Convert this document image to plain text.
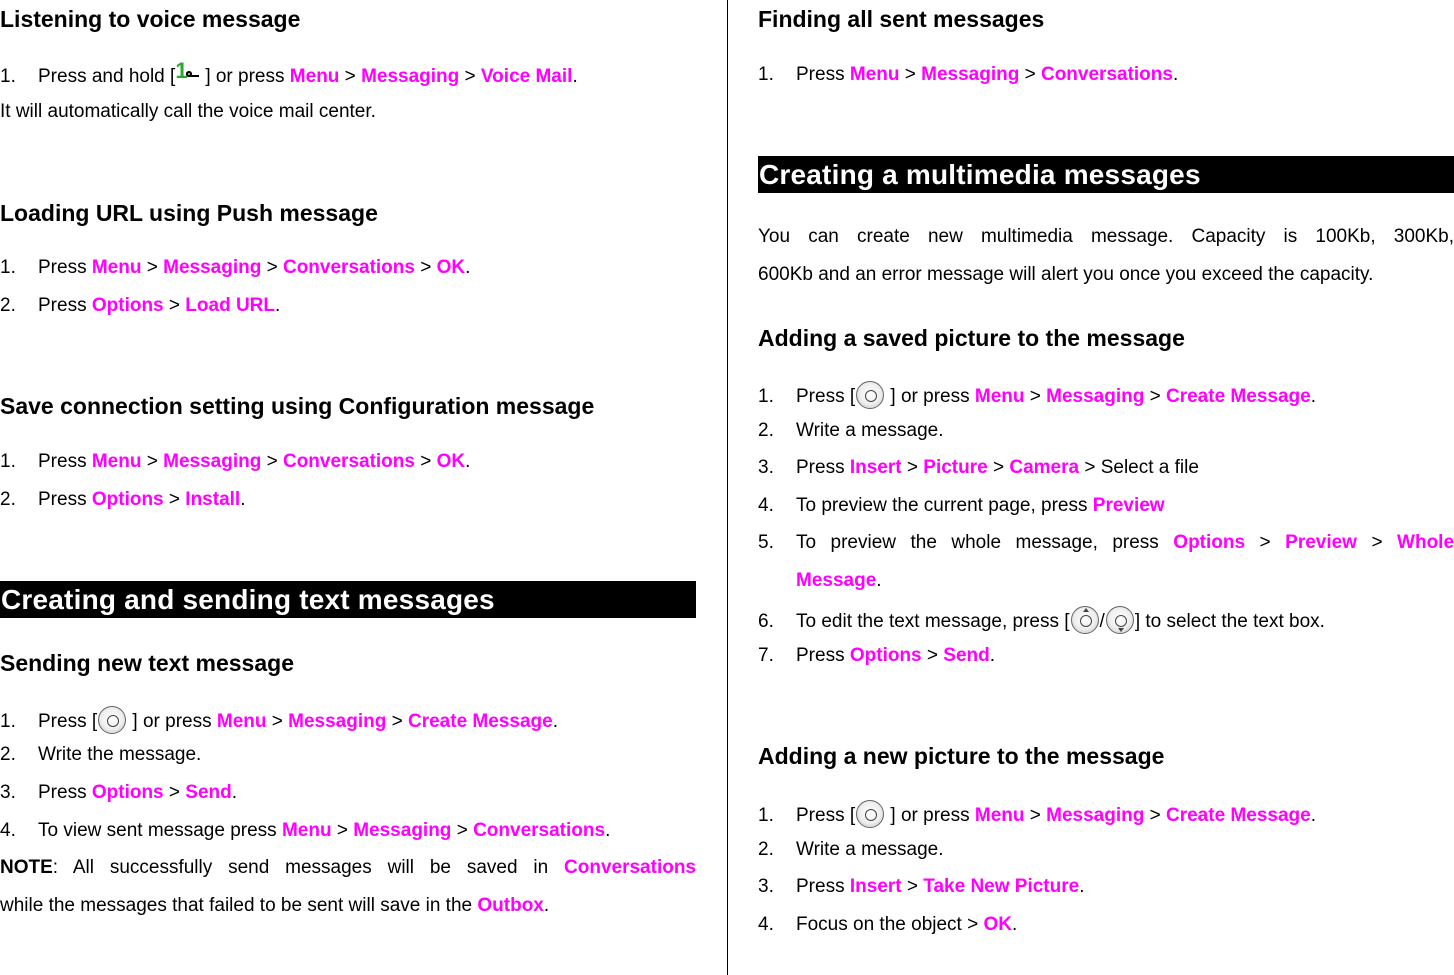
Listening to voice message
1. Press and hold [ 1 ] or press Menu > Messaging > Voice Mail.
It will automatically call the voice mail center.
Loading URL using Push message
1. Press Menu > Messaging > Conversations > OK.
2. Press Options > Load URL.
Save connection setting using Configuration message
1. Press Menu > Messaging > Conversations > OK.
2. Press Options > Install.
Creating and sending text messages
Sending new text message
1. Press [ ] or press Menu > Messaging > Create Message.
2. Write the message.
3. Press Options > Send.
4. To view sent message press Menu > Messaging > Conversations.
NOTE: All successfully send messages will be saved in Conversations
while the messages that failed to be sent will save in the Outbox.
Finding all sent messages
1. Press Menu > Messaging > Conversations.
Creating a multimedia messages
You can create new multimedia message. Capacity is 100Kb, 300Kb,
600Kb and an error message will alert you once you exceed the capacity.
Adding a saved picture to the message
1. Press [ ] or press Menu > Messaging > Create Message.
2. Write a message.
3. Press Insert > Picture > Camera > Select a file
4. To preview the current page, press Preview
5.	To preview the whole message, press Options > Preview > Whole
Message.
6. To edit the text message, press [ / ] to select the text box.
7. Press Options > Send.
Adding a new picture to the message
1. Press [ ] or press Menu > Messaging > Create Message.
2. Write a message.
3. Press Insert > Take New Picture.
4. Focus on the object > OK.
